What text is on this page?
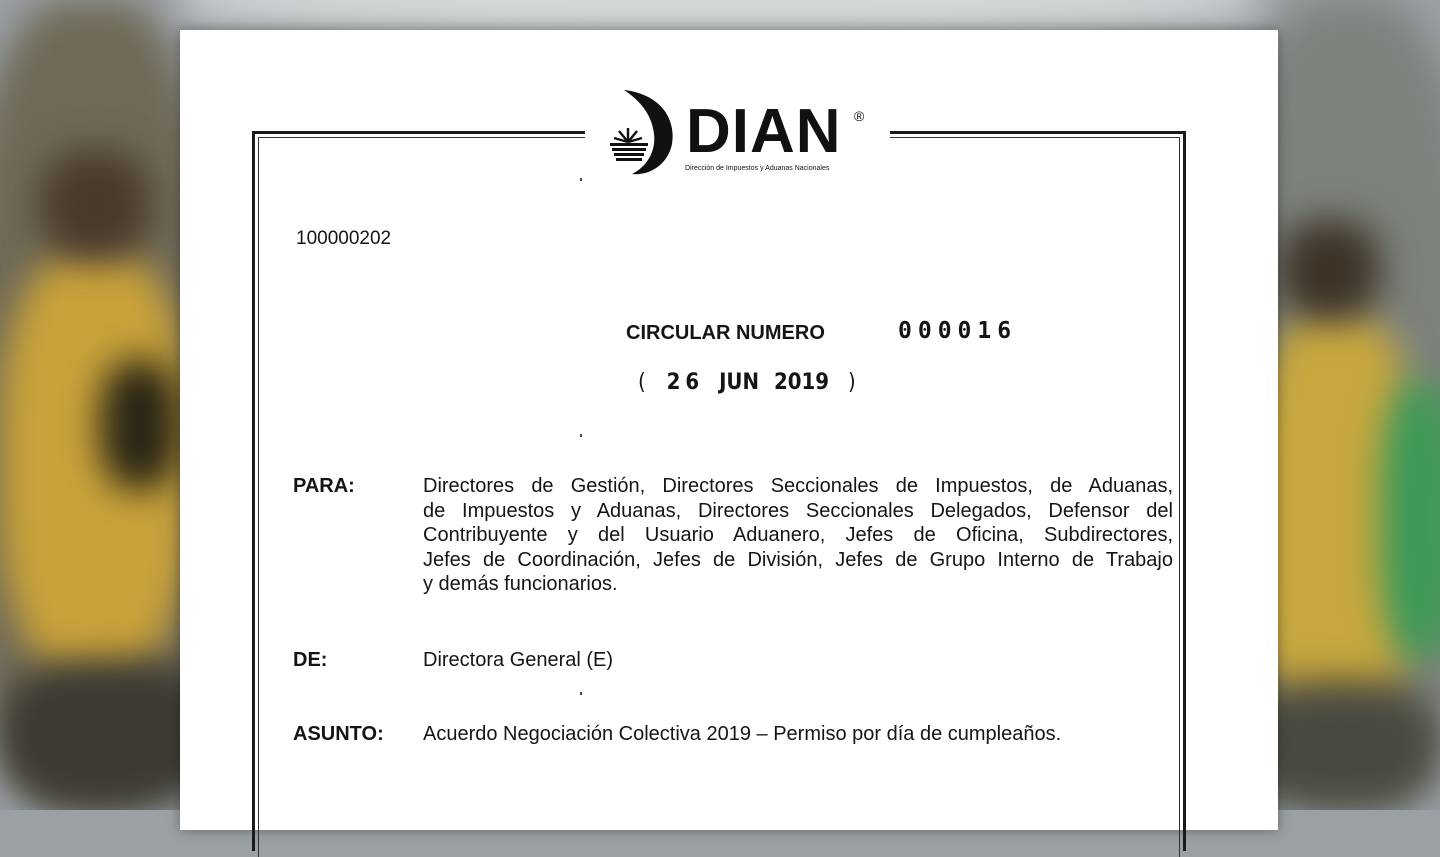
DIAN ®
Dirección de Impuestos y Aduanas Nacionales
100000202
CIRCULAR NUMERO	000016
( 26 JUN 2019 )
PARA:	Directores de Gestión, Directores Seccionales de Impuestos, de Aduanas,
de Impuestos y Aduanas, Directores Seccionales Delegados, Defensor del
Contribuyente y del Usuario Aduanero, Jefes de Oficina, Subdirectores,
Jefes de Coordinación, Jefes de División, Jefes de Grupo Interno de Trabajo
y demás funcionarios.
DE:	Directora General (E)
ASUNTO: Acuerdo Negociación Colectiva 2019 – Permiso por día de cumpleaños.
